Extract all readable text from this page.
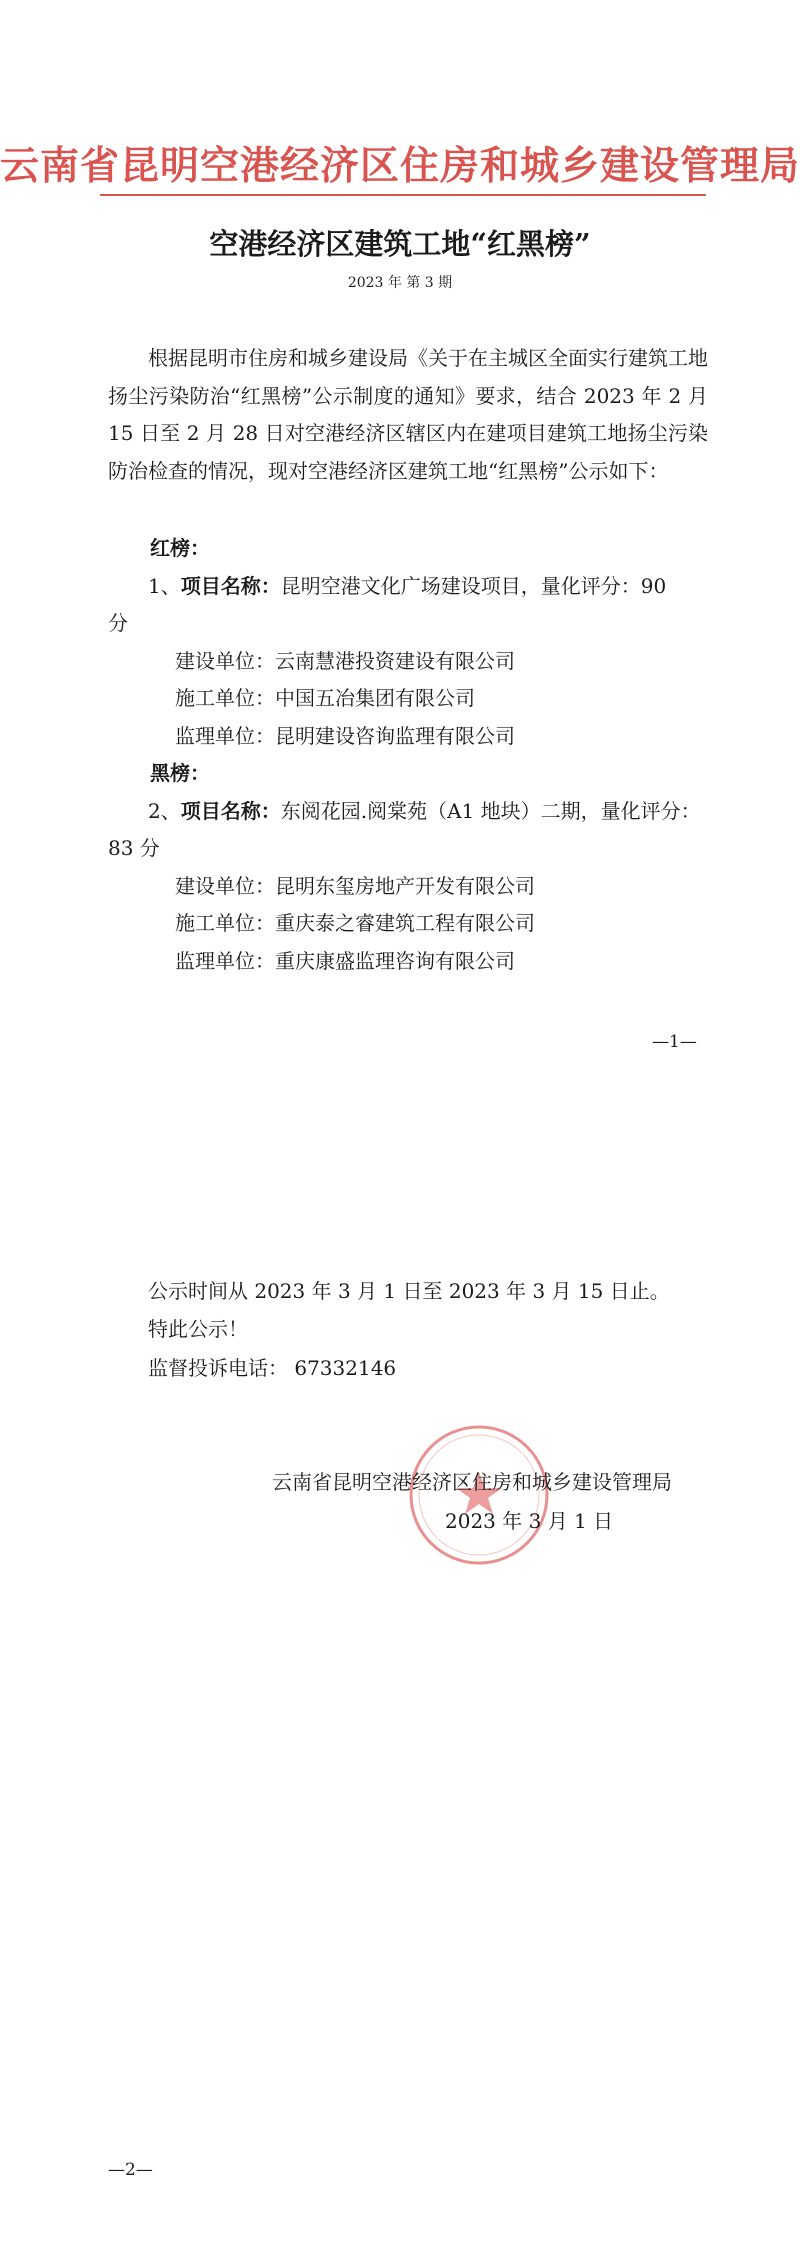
云南省昆明空港经济区住房和城乡建设管理局
空港经济区建筑工地“红黑榜”
2023 年 第 3 期
根据昆明市住房和城乡建设局《关于在主城区全面实行建筑工地扬尘污染防治“红黑榜”公示制度的通知》要求，结合 2023 年 2 月 15 日至 2 月 28 日对空港经济区辖区内在建项目建筑工地扬尘污染防治检查的情况，现对空港经济区建筑工地“红黑榜”公示如下：
红榜：
1、项目名称：昆明空港文化广场建设项目，量化评分：90
分
建设单位：云南慧港投资建设有限公司
施工单位：中国五冶集团有限公司
监理单位：昆明建设咨询监理有限公司
黑榜：
2、项目名称：东阅花园.阅棠苑（A1 地块）二期，量化评分：
83 分
建设单位：昆明东玺房地产开发有限公司
施工单位：重庆泰之睿建筑工程有限公司
监理单位：重庆康盛监理咨询有限公司
—1—
公示时间从 2023 年 3 月 1 日至 2023 年 3 月 15 日止。
特此公示！
监督投诉电话： 67332146
云南省昆明空港经济区住房和城乡建设管理局
2023 年 3 月 1 日
—2—
